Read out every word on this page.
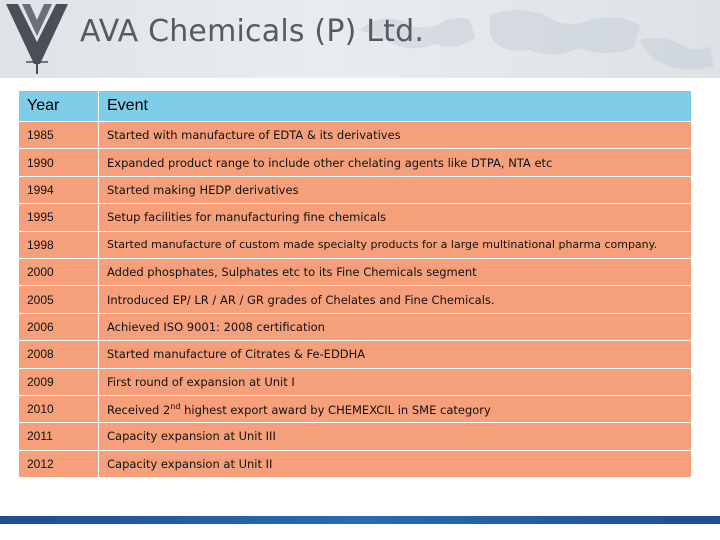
AVA Chemicals (P) Ltd.
Year	Event
1985	Started with manufacture of EDTA & its derivatives
1990	Expanded product range to include other chelating agents like DTPA, NTA etc
1994	Started making HEDP derivatives
1995	Setup facilities for manufacturing fine chemicals
1998	Started manufacture of custom made specialty products for a large multinational pharma company.
2000	Added phosphates, Sulphates etc to its Fine Chemicals segment
2005	Introduced EP/ LR / AR / GR grades of Chelates and Fine Chemicals.
2006	Achieved ISO 9001: 2008 certification
2008	Started manufacture of Citrates & Fe-EDDHA
2009	First round of expansion at Unit I
2010	Received 2nd highest export award by CHEMEXCIL in SME category
2011	Capacity expansion at Unit III
2012	Capacity expansion at Unit II
